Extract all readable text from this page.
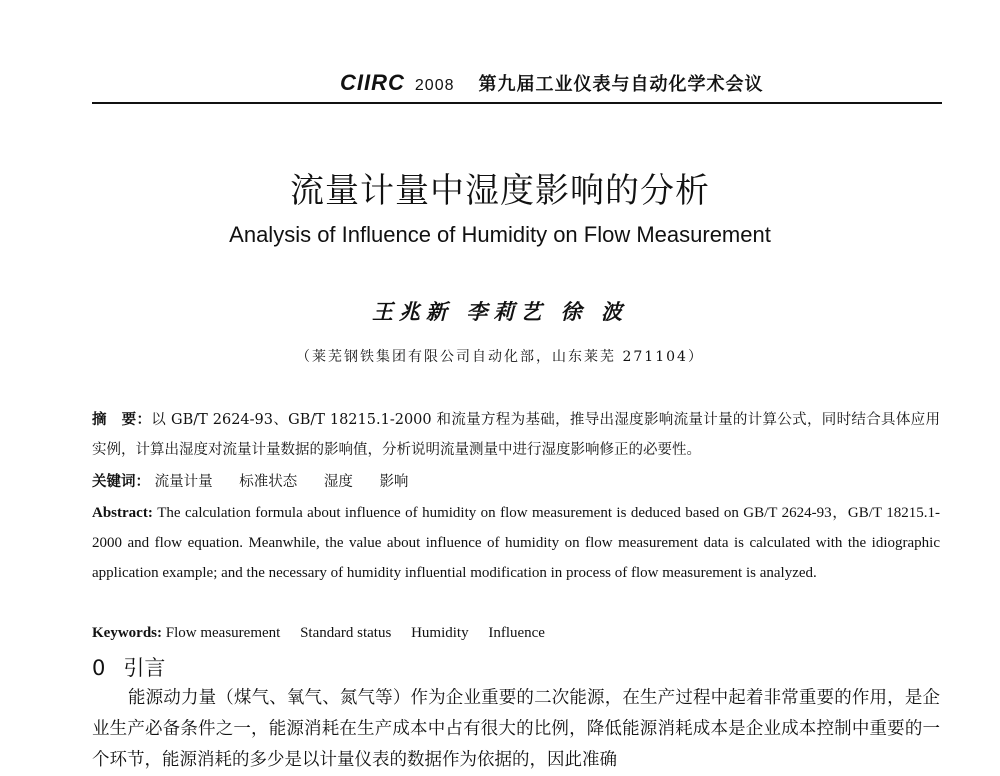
CIIRC 2008 第九届工业仪表与自动化学术会议
流量计量中湿度影响的分析
Analysis of Influence of Humidity on Flow Measurement
王兆新 李莉艺 徐 波
（莱芜钢铁集团有限公司自动化部，山东莱芜 271104）
摘　要：以 GB/T 2624-93、GB/T 18215.1-2000 和流量方程为基础，推导出湿度影响流量计量的计算公式，同时结合具体应用实例，计算出湿度对流量计量数据的影响值，分析说明流量测量中进行湿度影响修正的必要性。
关键词： 流量计量 标准状态 湿度 影响
Abstract: The calculation formula about influence of humidity on flow measurement is deduced based on GB/T 2624-93，GB/T 18215.1-2000 and flow equation. Meanwhile, the value about influence of humidity on flow measurement data is calculated with the idiographic application example; and the necessary of humidity influential modification in process of flow measurement is analyzed.
Keywords: Flow measurement Standard status Humidity Influence
0 引言
能源动力量（煤气、氧气、氮气等）作为企业重要的二次能源，在生产过程中起着非常重要的作用，是企业生产必备条件之一，能源消耗在生产成本中占有很大的比例，降低能源消耗成本是企业成本控制中重要的一个环节，能源消耗的多少是以计量仪表的数据作为依据的，因此准确
